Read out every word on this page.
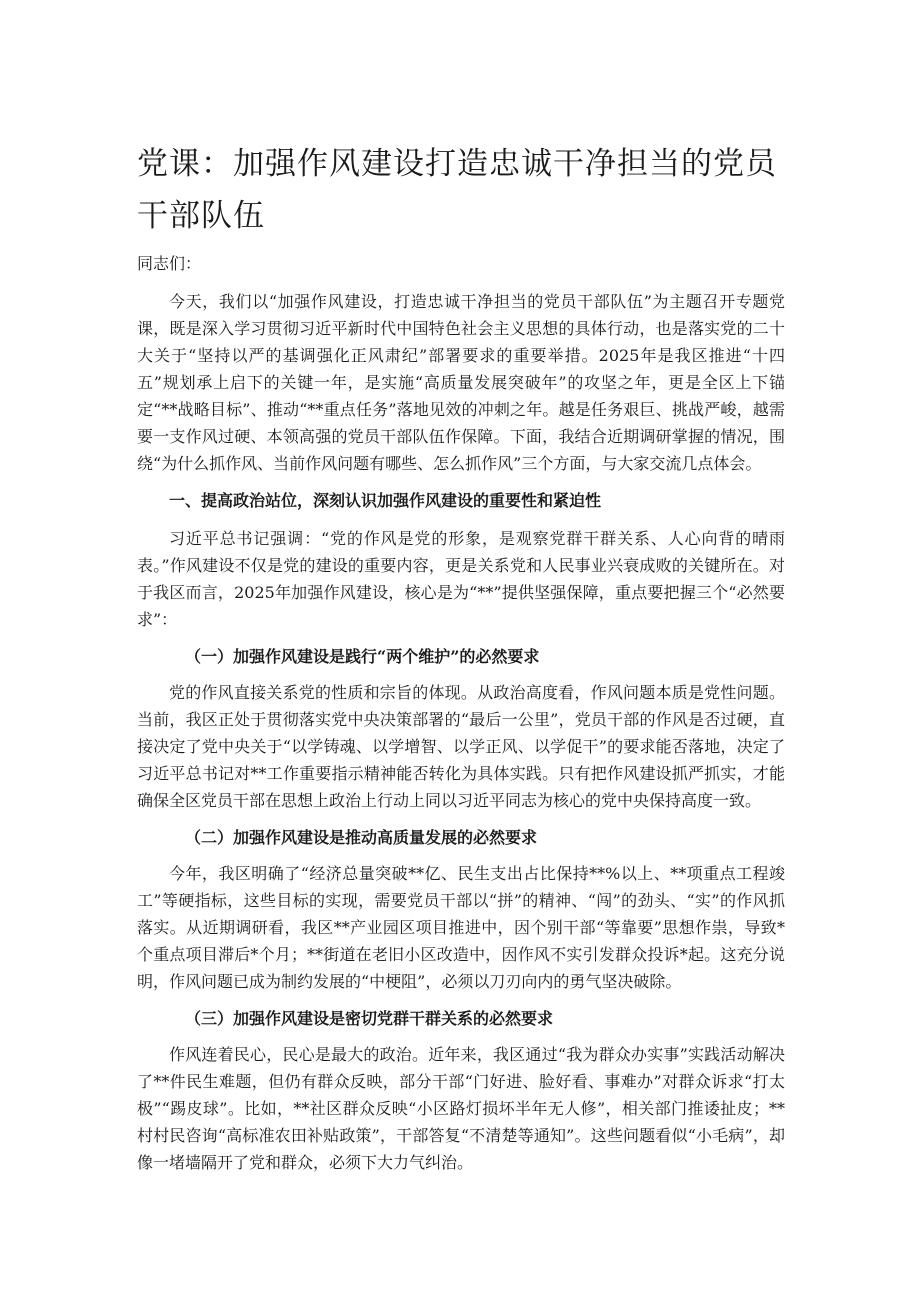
党课：加强作风建设打造忠诚干净担当的党员干部队伍
同志们：

今天，我们以“加强作风建设，打造忠诚干净担当的党员干部队伍”为主题召开专题党课，既是深入学习贯彻习近平新时代中国特色社会主义思想的具体行动，也是落实党的二十大关于“坚持以严的基调强化正风肃纪”部署要求的重要举措。2025年是我区推进“十四五”规划承上启下的关键一年，是实施“高质量发展突破年”的攻坚之年，更是全区上下锚定“**战略目标”、推动“**重点任务”落地见效的冲刺之年。越是任务艰巨、挑战严峻，越需要一支作风过硬、本领高强的党员干部队伍作保障。下面，我结合近期调研掌握的情况，围绕“为什么抓作风、当前作风问题有哪些、怎么抓作风”三个方面，与大家交流几点体会。

一、提高政治站位，深刻认识加强作风建设的重要性和紧迫性

习近平总书记强调：“党的作风是党的形象，是观察党群干群关系、人心向背的晴雨表。”作风建设不仅是党的建设的重要内容，更是关系党和人民事业兴衰成败的关键所在。对于我区而言，2025年加强作风建设，核心是为“**”提供坚强保障，重点要把握三个“必然要求”：

（一）加强作风建设是践行“两个维护”的必然要求

党的作风直接关系党的性质和宗旨的体现。从政治高度看，作风问题本质是党性问题。当前，我区正处于贯彻落实党中央决策部署的“最后一公里”，党员干部的作风是否过硬，直接决定了党中央关于“以学铸魂、以学增智、以学正风、以学促干”的要求能否落地，决定了习近平总书记对**工作重要指示精神能否转化为具体实践。只有把作风建设抓严抓实，才能确保全区党员干部在思想上政治上行动上同以习近平同志为核心的党中央保持高度一致。

（二）加强作风建设是推动高质量发展的必然要求

今年，我区明确了“经济总量突破**亿、民生支出占比保持**%以上、**项重点工程竣工”等硬指标，这些目标的实现，需要党员干部以“拼”的精神、“闯”的劲头、“实”的作风抓落实。从近期调研看，我区**产业园区项目推进中，因个别干部“等靠要”思想作祟，导致*个重点项目滞后*个月；**街道在老旧小区改造中，因作风不实引发群众投诉*起。这充分说明，作风问题已成为制约发展的“中梗阻”，必须以刀刃向内的勇气坚决破除。

（三）加强作风建设是密切党群干群关系的必然要求

作风连着民心，民心是最大的政治。近年来，我区通过“我为群众办实事”实践活动解决了**件民生难题，但仍有群众反映，部分干部“门好进、脸好看、事难办”对群众诉求“打太极”“踢皮球”。比如，**社区群众反映“小区路灯损坏半年无人修”，相关部门推诿扯皮；**村村民咨询“高标准农田补贴政策”，干部答复“不清楚等通知”。这些问题看似“小毛病”，却像一堵墙隔开了党和群众，必须下大力气纠治。
